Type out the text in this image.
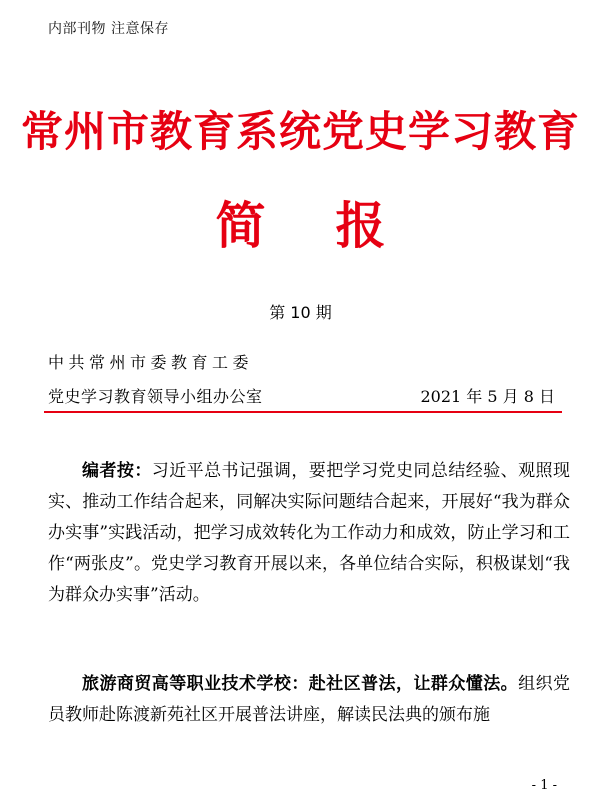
内部刊物 注意保存
常州市教育系统党史学习教育
简报
第 10 期
中共常州市委教育工委
党史学习教育领导小组办公室	2021 年 5 月 8 日
编者按：习近平总书记强调，要把学习党史同总结经验、观照现实、推动工作结合起来，同解决实际问题结合起来，开展好“我为群众办实事”实践活动，把学习成效转化为工作动力和成效，防止学习和工作“两张皮”。党史学习教育开展以来，各单位结合实际，积极谋划“我为群众办实事”活动。
旅游商贸高等职业技术学校：赴社区普法，让群众懂法。组织党员教师赴陈渡新苑社区开展普法讲座，解读民法典的颁布施
- 1 -
